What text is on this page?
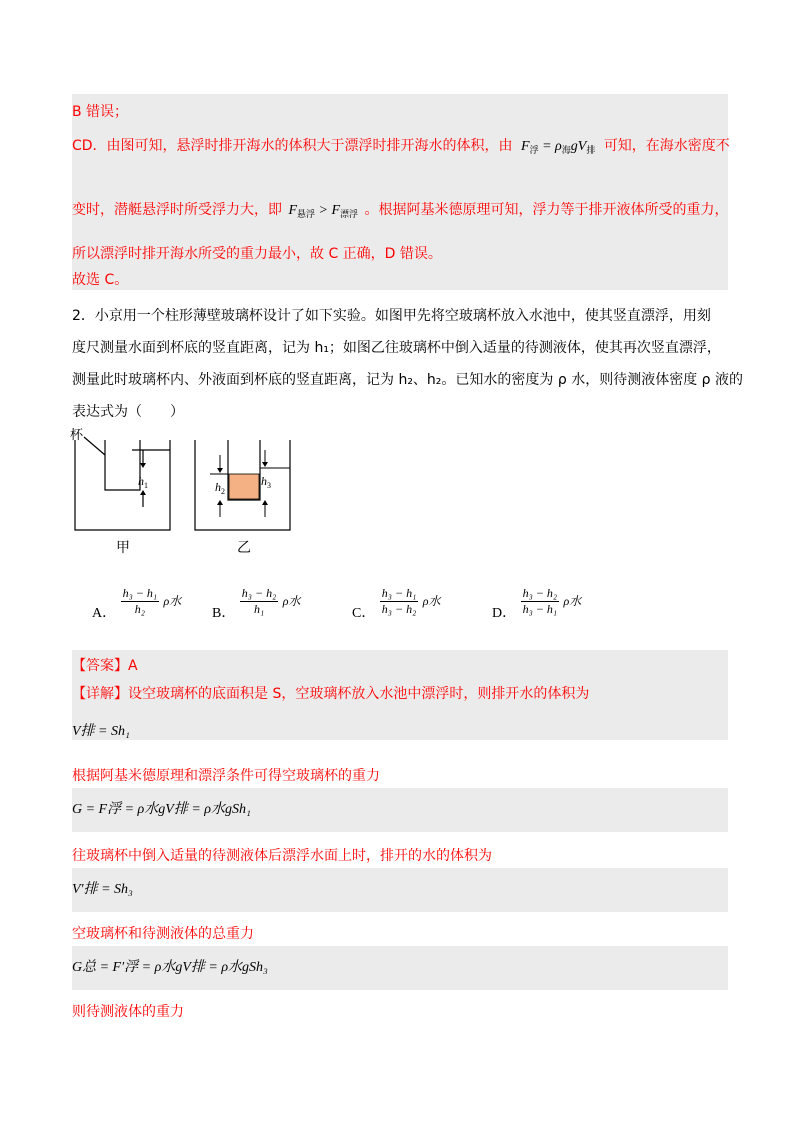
B 错误；
CD．由图可知，悬浮时排开海水的体积大于漂浮时排开海水的体积，由 $F_浮 = \rho_海gV_排$ 可知，在海水密度不
变时，潜艇悬浮时所受浮力大，即 $F_{悬浮} > F_{漂浮}$ 。根据阿基米德原理可知，浮力等于排开液体所受的重力，
所以漂浮时排开海水所受的重力最小，故 C 正确，D 错误。
故选 C。
2．小京用一个柱形薄壁玻璃杯设计了如下实验。如图甲先将空玻璃杯放入水池中，使其竖直漂浮，用刻
度尺测量水面到杯底的竖直距离，记为 h₁；如图乙往玻璃杯中倒入适量的待测液体，使其再次竖直漂浮，
测量此时玻璃杯内、外液面到杯底的竖直距离，记为 h₂、h₂。已知水的密度为 ρ 水，则待测液体密度 ρ 液的
表达式为（　　）
杯
$h_1$	$h_2$
$h_3$
甲	乙
A． $\frac{\text{h₃ − h₁}}{\text{h₂}}$ ρ水
B． $\frac{\text{h₃ − h₂}}{\text{h₁}}$ ρ水
C． $\frac{\text{h₃ − h₁}}{\text{h₃ − h₂}}$ ρ水
D． $\frac{\text{h₃ − h₂}}{\text{h₃ − h₁}}$ ρ水
【答案】A
【详解】设空玻璃杯的底面积是 S，空玻璃杯放入水池中漂浮时，则排开水的体积为
V排 = Sh₁
根据阿基米德原理和漂浮条件可得空玻璃杯的重力
G = F浮 = ρ水gV排 = ρ水gSh₁
往玻璃杯中倒入适量的待测液体后漂浮水面上时，排开的水的体积为
V′排 = Sh₃
空玻璃杯和待测液体的总重力
G总 = F′浮 = ρ水gV排 = ρ水gSh₃
则待测液体的重力
